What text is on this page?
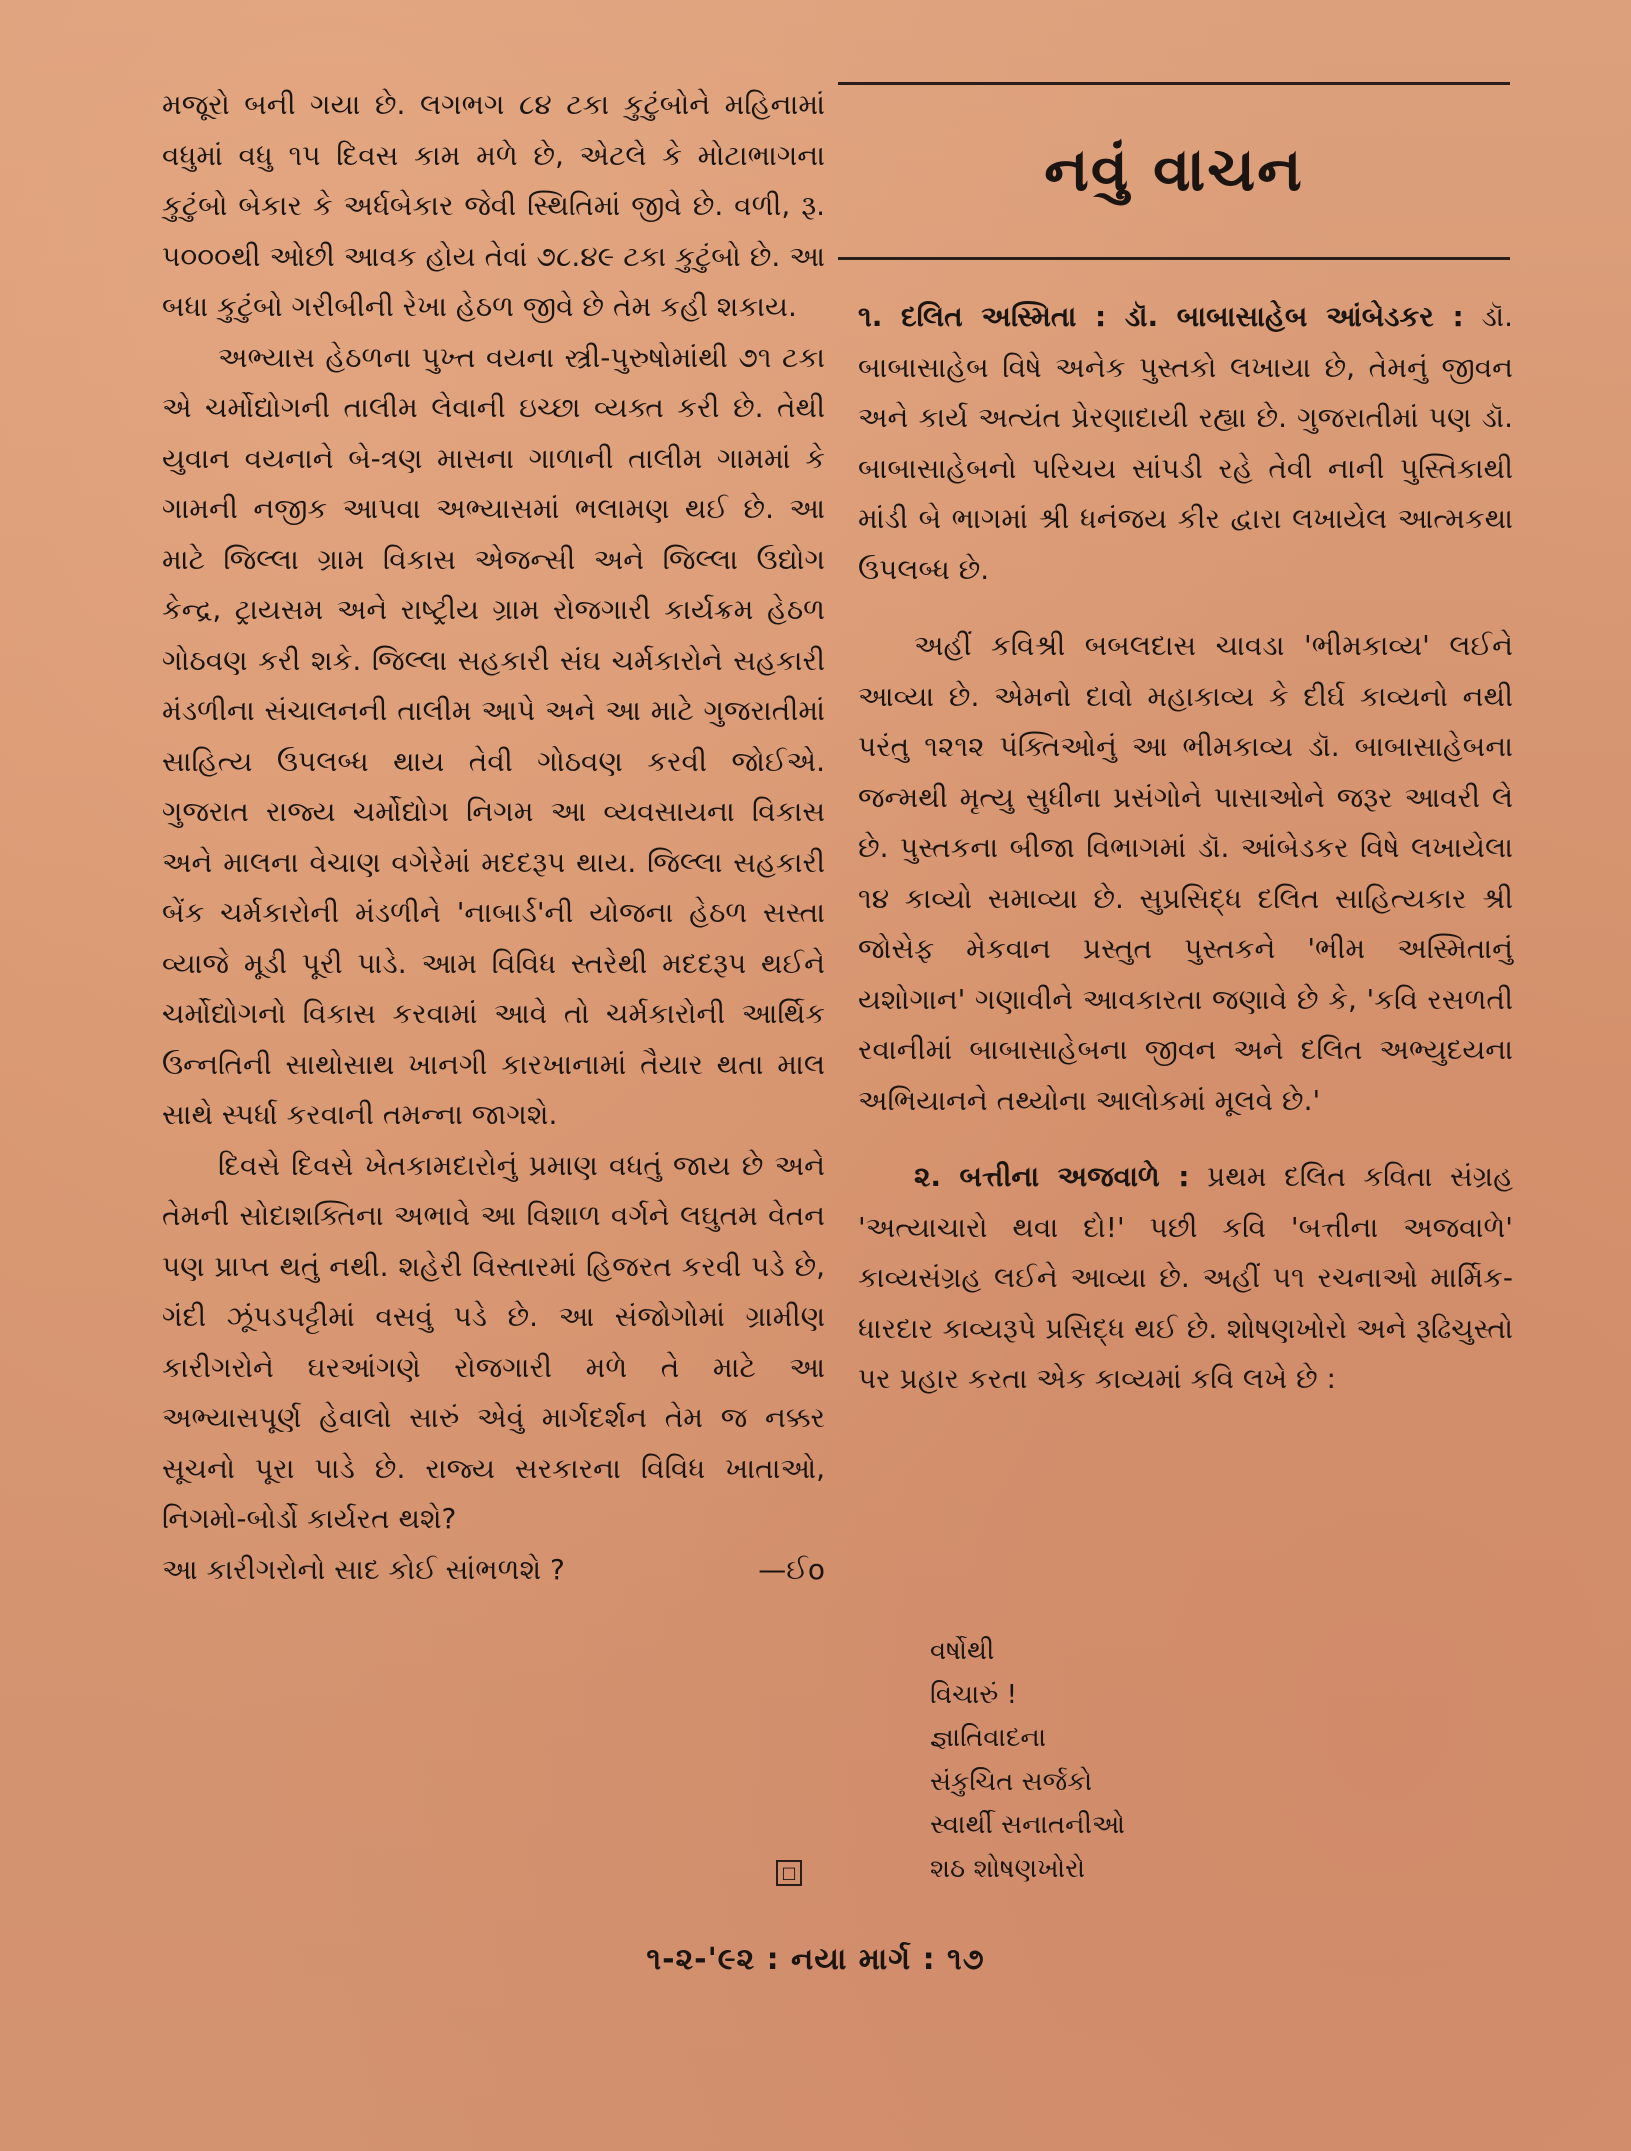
મજૂરો બની ગયા છે. લગભગ ૮૪ ટકા કુટુંબોને મહિનામાં વધુમાં વધુ ૧૫ દિવસ કામ મળે છે, એટલે કે મોટાભાગના કુટુંબો બેકાર કે અર્ધબેકાર જેવી સ્થિતિમાં જીવે છે. વળી, રૂ. ૫૦૦૦થી ઓછી આવક હોય તેવાં ૭૮.૪૯ ટકા કુટુંબો છે. આ બધા કુટુંબો ગરીબીની રેખા હેઠળ જીવે છે તેમ કહી શકાય.

અભ્યાસ હેઠળના પુખ્ત વયના સ્ત્રી-પુરુષોમાંથી ૭૧ ટકા એ ચર્મોદ્યોગની તાલીમ લેવાની ઇચ્છા વ્યક્ત કરી છે. તેથી યુવાન વયનાને બે-ત્રણ માસના ગાળાની તાલીમ ગામમાં કે ગામની નજીક આપવા અભ્યાસમાં ભલામણ થઈ છે. આ માટે જિલ્લા ગ્રામ વિકાસ એજન્સી અને જિલ્લા ઉદ્યોગ કેન્દ્ર, ટ્રાયસમ અને રાષ્ટ્રીય ગ્રામ રોજગારી કાર્યક્રમ હેઠળ ગોઠવણ કરી શકે. જિલ્લા સહકારી સંઘ ચર્મકારોને સહકારી મંડળીના સંચાલનની તાલીમ આપે અને આ માટે ગુજરાતીમાં સાહિત્ય ઉપલબ્ધ થાય તેવી ગોઠવણ કરવી જોઈએ. ગુજરાત રાજ્ય ચર્મોદ્યોગ નિગમ આ વ્યવસાયના વિકાસ અને માલના વેચાણ વગેરેમાં મદદરૂપ થાય. જિલ્લા સહકારી બેંક ચર્મકારોની મંડળીને 'નાબાર્ડ'ની યોજના હેઠળ સસ્તા વ્યાજે મૂડી પૂરી પાડે. આમ વિવિધ સ્તરેથી મદદરૂપ થઈને ચર્મોદ્યોગનો વિકાસ કરવામાં આવે તો ચર્મકારોની આર્થિક ઉન્નતિની સાથોસાથ ખાનગી કારખાનામાં તૈયાર થતા માલ સાથે સ્પર્ધા કરવાની તમન્ના જાગશે.

દિવસે દિવસે ખેતકામદારોનું પ્રમાણ વધતું જાય છે અને તેમની સોદાશક્તિના અભાવે આ વિશાળ વર્ગને લઘુતમ વેતન પણ પ્રાપ્ત થતું નથી. શહેરી વિસ્તારમાં હિજરત કરવી પડે છે, ગંદી ઝૂંપડપટ્ટીમાં વસવું પડે છે. આ સંજોગોમાં ગ્રામીણ કારીગરોને ઘરઆંગણે રોજગારી મળે તે માટે આ અભ્યાસપૂર્ણ હેવાલો સારું એવું માર્ગદર્શન તેમ જ નક્કર સૂચનો પૂરા પાડે છે. રાજ્ય સરકારના વિવિધ ખાતાઓ, નિગમો-બોર્ડો કાર્યરત થશે?

આ કારીગરોનો સાદ કોઈ સાંભળશે ?	—ઈo
□
નવું વાચન

૧. દલિત અસ્મિતા : ડૉ. બાબાસાહેબ આંબેડકર : ડૉ. બાબાસાહેબ વિષે અનેક પુસ્તકો લખાયા છે, તેમનું જીવન અને કાર્ય અત્યંત પ્રેરણાદાયી રહ્યા છે. ગુજરાતીમાં પણ ડૉ. બાબાસાહેબનો પરિચય સાંપડી રહે તેવી નાની પુસ્તિકાથી માંડી બે ભાગમાં શ્રી ધનંજય કીર દ્વારા લખાયેલ આત્મકથા ઉપલબ્ધ છે.

અહીં કવિશ્રી બબલદાસ ચાવડા 'ભીમકાવ્ય' લઈને આવ્યા છે. એમનો દાવો મહાકાવ્ય કે દીર્ઘ કાવ્યનો નથી પરંતુ ૧૨૧૨ પંક્તિઓનું આ ભીમકાવ્ય ડૉ. બાબાસાહેબના જન્મથી મૃત્યુ સુધીના પ્રસંગોને પાસાઓને જરૂર આવરી લે છે. પુસ્તકના બીજા વિભાગમાં ડૉ. આંબેડકર વિષે લખાયેલા ૧૪ કાવ્યો સમાવ્યા છે. સુપ્રસિદ્ધ દલિત સાહિત્યકાર શ્રી જોસેફ મેકવાન પ્રસ્તુત પુસ્તકને 'ભીમ અસ્મિતાનું યશોગાન' ગણાવીને આવકારતા જણાવે છે કે, 'કવિ રસળતી રવાનીમાં બાબાસાહેબના જીવન અને દલિત અભ્યુદયના અભિયાનને તથ્યોના આલોકમાં મૂલવે છે.'

૨. બત્તીના અજવાળે : પ્રથમ દલિત કવિતા સંગ્રહ 'અત્યાચારો થવા દો!' પછી કવિ 'બત્તીના અજવાળે' કાવ્યસંગ્રહ લઈને આવ્યા છે. અહીં ૫૧ રચનાઓ માર્મિક-ધારદાર કાવ્યરૂપે પ્રસિદ્ધ થઈ છે. શોષણખોરો અને રૂઢિચુસ્તો પર પ્રહાર કરતા એક કાવ્યમાં કવિ લખે છે :

વર્ષોથી
વિચારું !
જ્ઞાતિવાદના
સંકુચિત સર્જકો
સ્વાર્થી સનાતનીઓ
શઠ શોષણખોરો
૧-૨-'૯૨ : નયા માર્ગ : ૧૭
